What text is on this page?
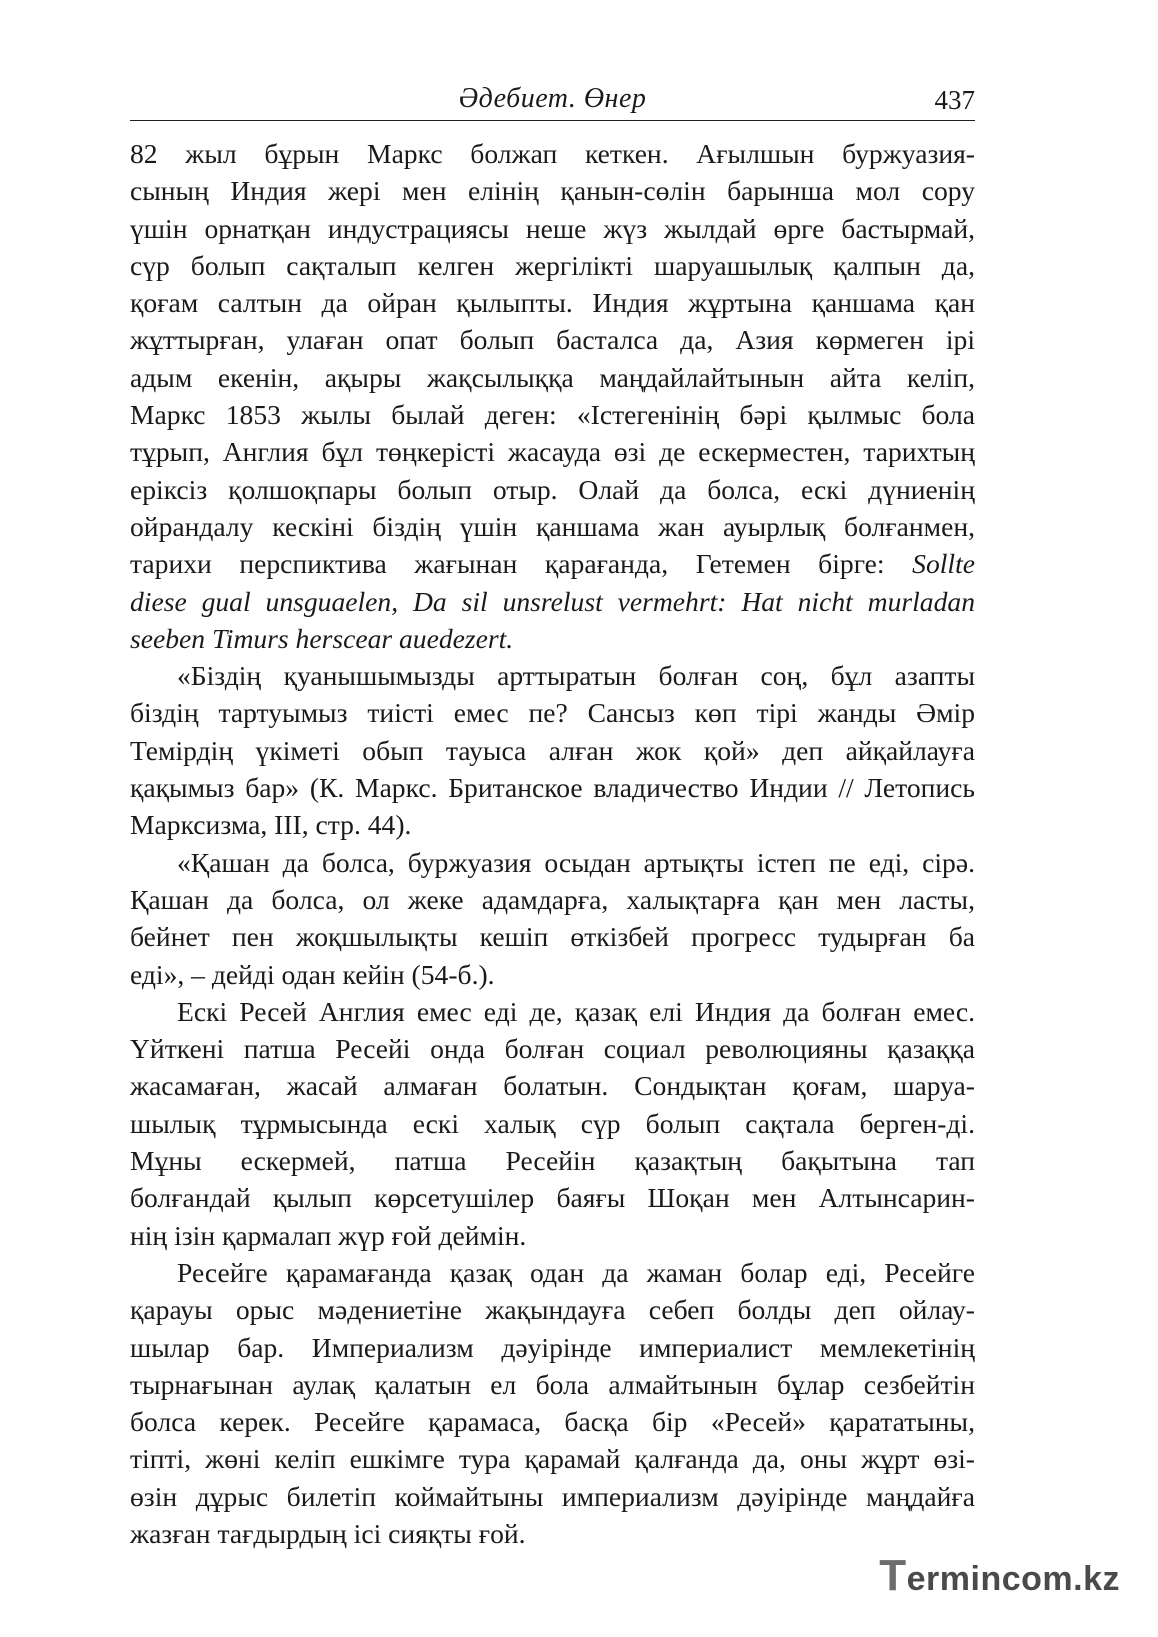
Әдебиет. Өнер	437
82 жыл бұрын Маркс болжап кеткен. Ағылшын буржуазия-
сының Индия жері мен елінің қанын-сөлін барынша мол сору
үшін орнатқан индустрациясы неше жүз жылдай өрге бастырмай,
сүр болып сақталып келген жергілікті шаруашылық қалпын да,
қоғам салтын да ойран қылыпты. Индия жұртына қаншама қан
жұттырған, улаған опат болып басталса да, Азия көрмеген ірі
адым екенін, ақыры жақсылыққа маңдайлайтынын айта келіп,
Маркс 1853 жылы былай деген: «Істегенінің бәрі қылмыс бола
тұрып, Англия бұл төңкерісті жасауда өзі де ескерместен, тарихтың
еріксіз қолшоқпары болып отыр. Олай да болса, ескі дүниенің
ойрандалу кескіні біздің үшін қаншама жан ауырлық болғанмен,
тарихи перспиктива жағынан қарағанда, Гетемен бірге: Sollte
diese gual unsguaelen, Da sil unsrelust vermehrt: Hat nicht murladan
seeben Timurs herscear auedezert.
«Біздің қуанышымызды арттыратын болған соң, бұл азапты
біздің тартуымыз тиісті емес пе? Сансыз көп тірі жанды Әмір
Темірдің үкіметі обып тауыса алған жок қой» деп айқайлауға
қақымыз бар» (К. Маркс. Британское владичество Индии // Летопись
Марксизма, III, стр. 44).
«Қашан да болса, буржуазия осыдан артықты істеп пе еді, сірә.
Қашан да болса, ол жеке адамдарға, халықтарға қан мен ласты,
бейнет пен жоқшылықты кешіп өткізбей прогресс тудырған ба
еді», – дейді одан кейін (54-б.).
Ескі Ресей Англия емес еді де, қазақ елі Индия да болған емес.
Үйткені патша Ресейі онда болған социал революцияны қазаққа
жасамаған, жасай алмаған болатын. Сондықтан қоғам, шаруа-
шылық тұрмысында ескі халық сүр болып сақтала берген-ді.
Мұны ескермей, патша Ресейін қазақтың бақытына тап
болғандай қылып көрсетушілер баяғы Шоқан мен Алтынсарин-
нің ізін қармалап жүр ғой деймін.
Ресейге қарамағанда қазақ одан да жаман болар еді, Ресейге
қарауы орыс мәдениетіне жақындауға себеп болды деп ойлау-
шылар бар. Империализм дәуірінде империалист мемлекетінің
тырнағынан аулақ қалатын ел бола алмайтынын бұлар сезбейтін
болса керек. Ресейге қарамаса, басқа бір «Ресей» қарататыны,
тіпті, жөні келіп ешкімге тура қарамай қалғанда да, оны жұрт өзі-
өзін дұрыс билетіп коймайтыны империализм дәуірінде маңдайға
жазған тағдырдың ісі сияқты ғой.
Termincom.kz
